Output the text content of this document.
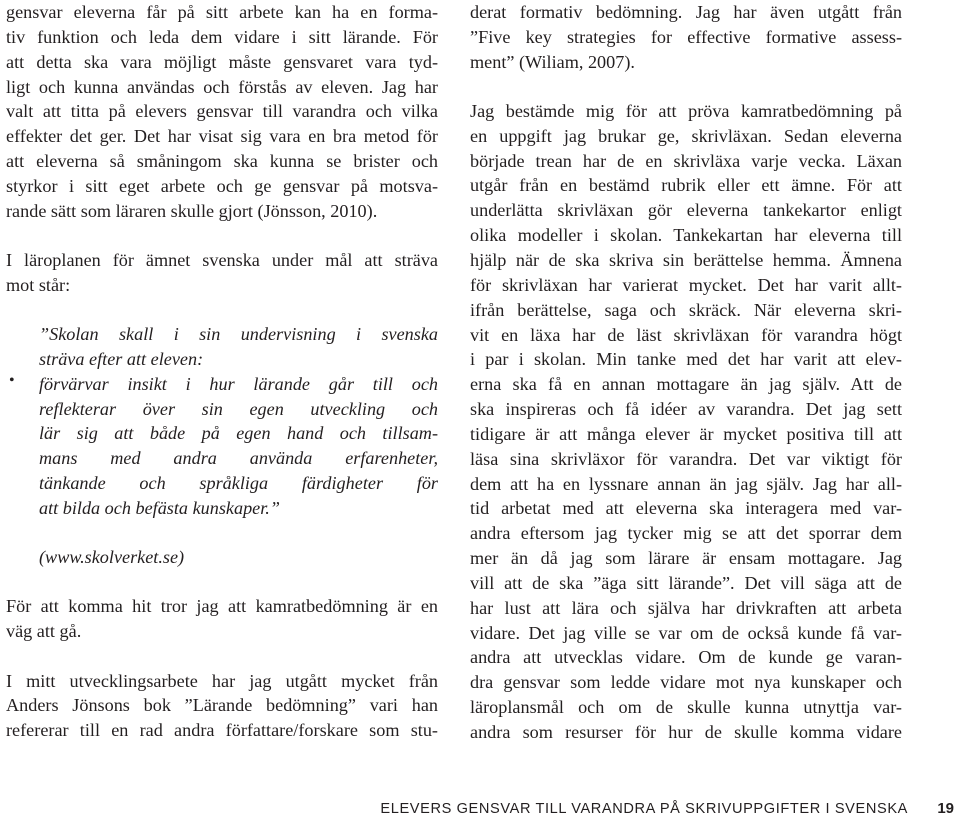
gensvar eleverna får på sitt arbete kan ha en forma-
tiv funktion och leda dem vidare i sitt lärande. För
att detta ska vara möjligt måste gensvaret vara tyd-
ligt och kunna användas och förstås av eleven. Jag har
valt att titta på elevers gensvar till varandra och vilka
effekter det ger. Det har visat sig vara en bra metod för
att eleverna så småningom ska kunna se brister och
styrkor i sitt eget arbete och ge gensvar på motsva-
rande sätt som läraren skulle gjort (Jönsson, 2010).
I läroplanen för ämnet svenska under mål att sträva
mot står:
”Skolan skall i sin undervisning i svenska
sträva efter att eleven:
• förvärvar insikt i hur lärande går till och
reflekterar över sin egen utveckling och
lär sig att både på egen hand och tillsam-
mans med andra använda erfarenheter,
tänkande och språkliga färdigheter för
att bilda och befästa kunskaper.”
(www.skolverket.se)
För att komma hit tror jag att kamratbedömning är en
väg att gå.
I mitt utvecklingsarbete har jag utgått mycket från
Anders Jönsons bok ”Lärande bedömning” vari han
refererar till en rad andra författare/forskare som stu-
derat formativ bedömning. Jag har även utgått från
”Five key strategies for effective formative assess-
ment” (Wiliam, 2007).
Jag bestämde mig för att pröva kamratbedömning på
en uppgift jag brukar ge, skrivläxan. Sedan eleverna
började trean har de en skrivläxa varje vecka. Läxan
utgår från en bestämd rubrik eller ett ämne. För att
underlätta skrivläxan gör eleverna tankekartor enligt
olika modeller i skolan. Tankekartan har eleverna till
hjälp när de ska skriva sin berättelse hemma. Ämnena
för skrivläxan har varierat mycket. Det har varit allt-
ifrån berättelse, saga och skräck. När eleverna skri-
vit en läxa har de läst skrivläxan för varandra högt
i par i skolan. Min tanke med det har varit att elev-
erna ska få en annan mottagare än jag själv. Att de
ska inspireras och få idéer av varandra. Det jag sett
tidigare är att många elever är mycket positiva till att
läsa sina skrivläxor för varandra. Det var viktigt för
dem att ha en lyssnare annan än jag själv. Jag har all-
tid arbetat med att eleverna ska interagera med var-
andra eftersom jag tycker mig se att det sporrar dem
mer än då jag som lärare är ensam mottagare. Jag
vill att de ska ”äga sitt lärande”. Det vill säga att de
har lust att lära och själva har drivkraften att arbeta
vidare. Det jag ville se var om de också kunde få var-
andra att utvecklas vidare. Om de kunde ge varan-
dra gensvar som ledde vidare mot nya kunskaper och
läroplansmål och om de skulle kunna utnyttja var-
andra som resurser för hur de skulle komma vidare
ELEVERS GENSVAR TILL VARANDRA PÅ SKRIVUPPGIFTER I SVENSKA 19
